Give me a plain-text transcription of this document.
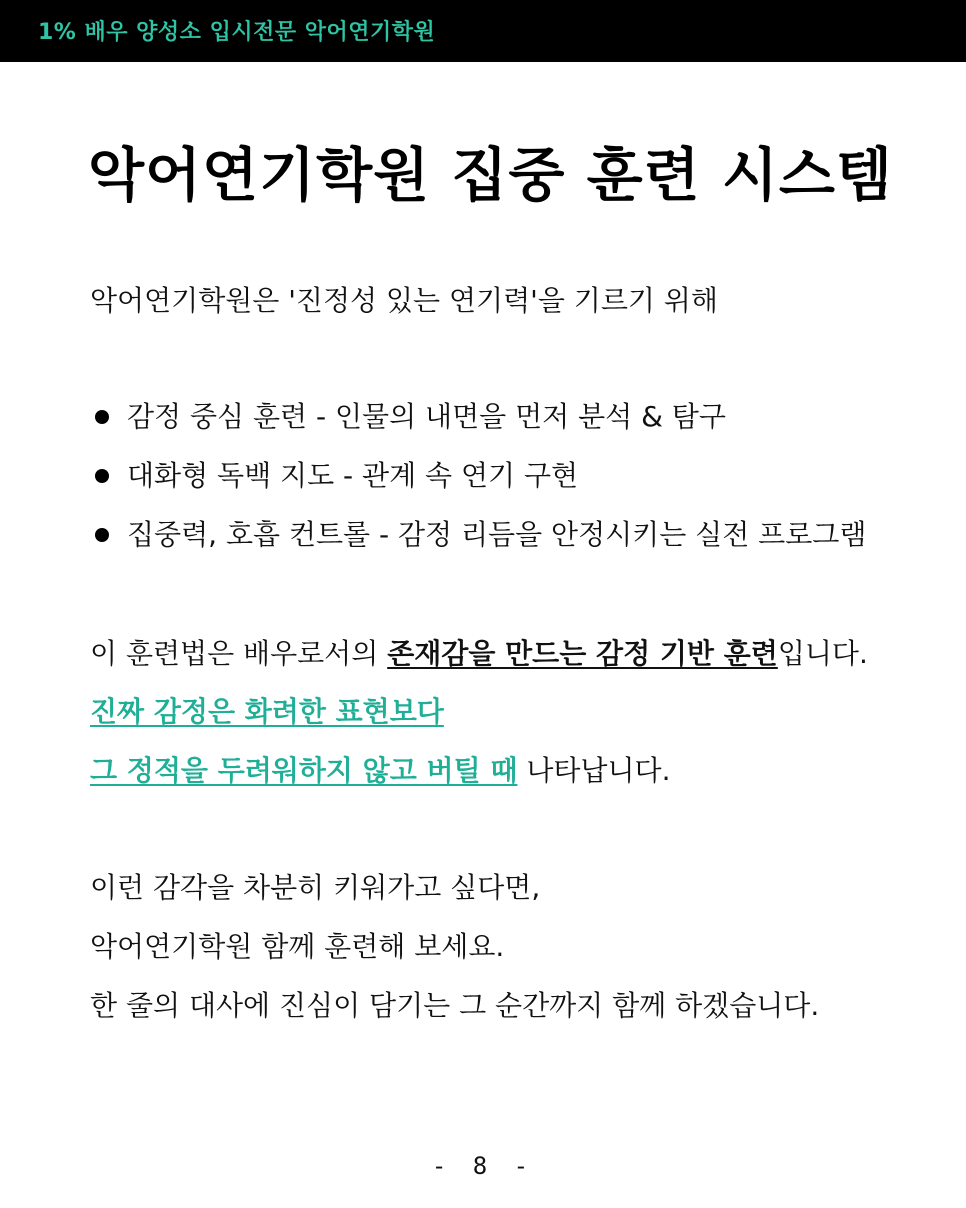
1% 배우 양성소 입시전문 악어연기학원
악어연기학원 집중 훈련 시스템

악어연기학원은 '진정성 있는 연기력'을 기르기 위해

감정 중심 훈련 - 인물의 내면을 먼저 분석 & 탐구
대화형 독백 지도 - 관계 속 연기 구현
집중력, 호흡 컨트롤 - 감정 리듬을 안정시키는 실전 프로그램

이 훈련법은 배우로서의 존재감을 만드는 감정 기반 훈련입니다.

진짜 감정은 화려한 표현보다

그 정적을 두려워하지 않고 버틸 때 나타납니다.

이런 감각을 차분히 키워가고 싶다면,

악어연기학원 함께 훈련해 보세요.

한 줄의 대사에 진심이 담기는 그 순간까지 함께 하겠습니다.

- 8 -
